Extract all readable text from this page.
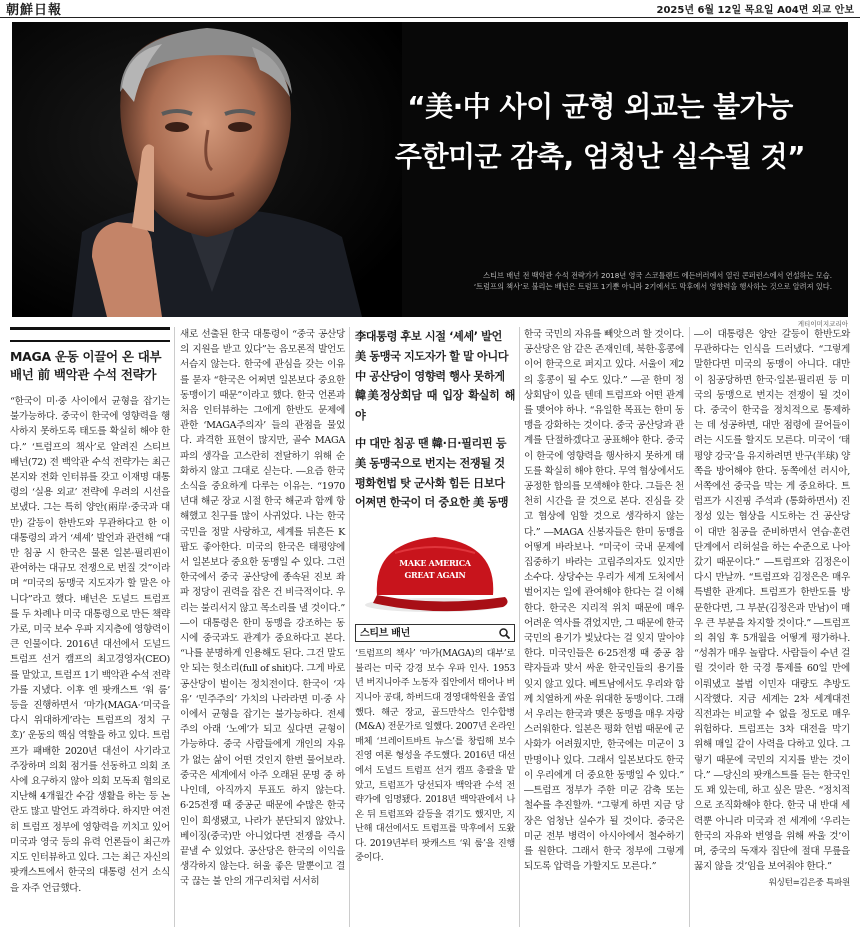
朝鮮日報	2025년 6월 12일 목요일 A04면 외교 안보
“美·中 사이 균형 외교는 불가능
주한미군 감축, 엄청난 실수될 것”
스티브 배넌 전 백악관 수석 전략가가 2018년 영국 스코틀랜드 에든버러에서 열린 콘퍼런스에서 연설하는 모습.
‘트럼프의 책사’로 불리는 배넌은 트럼프 1기뿐 아니라 2기에서도 막후에서 영향력을 행사하는 것으로 알려져 있다.
게티이미지코리아
MAGA 운동 이끌어 온 대부
배넌 前 백악관 수석 전략가

“한국이 미·중 사이에서 균형을 잡기는 불가능하다. 중국이 한국에 영향력을 행사하지 못하도록 태도를 확실히 해야 한다.” ‘트럼프의 책사’로 알려진 스티브 배넌(72) 전 백악관 수석 전략가는 최근 본지와 전화 인터뷰를 갖고 이재명 대통령의 ‘실용 외교’ 전략에 우려의 시선을 보냈다. 그는 특히 양안(兩岸·중국과 대만) 갈등이 한반도와 무관하다고 한 이 대통령의 과거 ‘셰셰’ 발언과 관련해 “대만 침공 시 한국은 물론 일본·필리핀이 관여하는 대규모 전쟁으로 번질 것”이라며 “미국의 동맹국 지도자가 할 말은 아니다”라고 했다. 배넌은 도널드 트럼프를 두 차례나 미국 대통령으로 만든 책략가로, 미국 보수 우파 지지층에 영향력이 큰 인물이다. 2016년 대선에서 도널드 트럼프 선거 캠프의 최고경영자(CEO)를 맡았고, 트럼프 1기 백악관 수석 전략가를 지냈다. 이후 엔 팟캐스트 ‘워 룸’ 등을 진행하면서 ‘마가(MAGA·‘미국을 다시 위대하게’라는 트럼프의 정치 구호)’ 운동의 핵심 역할을 하고 있다. 트럼프가 패배한 2020년 대선이 사기라고 주장하며 의회 점거를 선동하고 의회 조사에 요구하지 않아 의회 모독죄 혐의로 지난해 4개월간 수감 생활을 하는 등 논란도 많고 발언도 과격하다. 하지만 여전히 트럼프 정부에 영향력을 끼치고 있어 미국과 영국 등의 유력 언론들이 최근까지도 인터뷰하고 있다. 그는 최근 자신의 팟캐스트에서 한국의 대통령 선거 소식을 자주 언급했다.

새로 선출된 한국 대통령이 “중국 공산당의 지원을 받고 있다”는 음모론적 발언도 서슴지 않는다. 한국에 관심을 갖는 이유를 묻자 “한국은 어쩌면 일본보다 중요한 동맹이기 때문”이라고 했다. 한국 언론과 처음 인터뷰하는 그에게 한반도 문제에 관한 ‘MAGA주의자’ 들의 관점을 물었다. 과격한 표현이 많지만, 골수 MAGA파의 생각을 고스란히 전달하기 위해 순화하지 않고 그대로 싣는다. ―요즘 한국 소식을 중요하게 다루는 이유는. “1970년대 해군 장교 시절 한국 해군과 함께 항해했고 친구를 많이 사귀었다. 나는 한국 국민을 정말 사랑하고, 세계를 뒤흔든 K팝도 좋아한다. 미국의 한국은 태평양에서 일본보다 중요한 동맹일 수 있다. 그런 한국에서 중국 공산당에 종속된 진보 좌파 정당이 권력을 잡은 건 비극적이다. 우리는 불리서지 않고 목소리를 낼 것이다.” ―이 대통령은 한미 동맹을 강조하는 동시에 중국과도 관계가 중요하다고 본다. “나를 분명하게 인용해도 된다. 그건 말도 안 되는 헛소리(full of shit)다. 그게 바로 공산당이 벌이는 정치전이다. 한국이 ‘자유’ ‘민주주의’ 가치의 나라라면 미·중 사이에서 균형을 잡기는 불가능하다. 전세주의 아래 ‘노예’가 되고 싶다면 균형이 가능하다. 중국 사람들에게 개인의 자유가 없는 삶이 어떤 것인지 한번 물어보라. 중국은 세계에서 아주 오래된 문명 중 하나인데, 아직까지 투표도 하지 않는다. 6·25전쟁 때 중공군 때문에 수많은 한국인이 희생됐고, 나라가 분단되지 않았나. 베이징(중국)만 아니었다면 전쟁을 즉시 끝낼 수 있었다. 공산당은 한국의 이익을 생각하지 않는다. 허울 좋은 말뿐이고 결국 끊는 불 안의 개구리처럼 서서히

李대통령 후보 시절 ‘셰셰’ 발언
美 동맹국 지도자가 할 말 아니다
中 공산당이 영향력 행사 못하게
韓美정상회담 때 입장 확실히 해야
中 대만 침공 땐 韓·日·필리핀 등
美 동맹국으로 번지는 전쟁될 것
평화헌법 탓 군사화 힘든 日보다
어쩌면 한국이 더 중요한 美 동맹
MAKE AMERICA
GREAT AGAIN
스티브 배넌

‘트럼프의 책사’ ‘마가(MAGA)의 대부’로 불리는 미국 강경 보수 우파 인사. 1953년 버지니아주 노동자 집안에서 태어나 버지니아 공대, 하버드대 경영대학원을 졸업했다. 해군 장교, 골드만삭스 인수합병(M&A) 전문가로 일했다. 2007년 온라인 매체 ‘브레이트바트 뉴스’를 창립해 보수 진영 여론 형성을 주도했다. 2016년 대선에서 도널드 트럼프 선거 캠프 총괄을 맡았고, 트럼프가 당선되자 백악관 수석 전략가에 임명됐다. 2018년 백악관에서 나온 뒤 트럼프와 갈등을 겪기도 했지만, 지난해 대선에서도 트럼프를 막후에서 도왔다. 2019년부터 팟캐스트 ‘워 룸’을 진행 중이다.

한국 국민의 자유를 빼앗으려 할 것이다. 공산당은 암 같은 존재인데, 북한·홍콩에 이어 한국으로 퍼지고 있다. 서울이 제2의 홍콩이 될 수도 있다.” ―곧 한미 정상회담이 있을 텐데 트럼프와 어떤 관계를 맺어야 하나. “유일한 목표는 한미 동맹을 강화하는 것이다. 중국 공산당과 관계를 단절하겠다고 공표해야 한다. 중국이 한국에 영향력을 행사하지 못하게 태도를 확실히 해야 한다. 무역 협상에서도 공정한 합의를 모색해야 한다. 그들은 천천히 시간을 끌 것으로 본다. 진심을 갖고 협상에 임할 것으로 생각하지 않는다.” ―MAGA 신봉자들은 한미 동맹을 어떻게 바라보나. “미국이 국내 문제에 집중하기 바라는 고립주의자도 있지만 소수다. 상당수는 우리가 세계 도처에서 벌어지는 일에 관여해야 한다는 걸 이해한다. 한국은 지리적 위치 때문에 매우 어려운 역사를 겪었지만, 그 때문에 한국 국민의 용기가 빛났다는 걸 잊지 말아야 한다. 미국인들은 6·25전쟁 때 중공 참략자들과 맞서 싸운 한국인들의 용기를 잊지 않고 있다. 베트남에서도 우리와 함께 치열하게 싸운 위대한 동맹이다. 그래서 우리는 한국과 맺은 동맹을 매우 자랑스러워한다. 일본은 평화 헌법 때문에 군사화가 어려웠지만, 한국에는 미군이 3만명이나 있다. 그래서 일본보다도 한국이 우리에게 더 중요한 동맹일 수 있다.” ―트럼프 정부가 주한 미군 감축 또는 철수를 추진할까. “그렇게 하면 지금 당장은 엄청난 실수가 될 것이다. 중국은 미군 전부 병력이 아시아에서 철수하기를 원한다. 그래서 한국 정부에 그렇게 되도록 압력을 가할지도 모른다.”

―이 대통령은 양안 갈등이 한반도와 무관하다는 인식을 드러냈다. “그렇게 말한다면 미국의 동맹이 아니다. 대만이 침공당하면 한국·일본·필리핀 등 미국의 동맹으로 번지는 전쟁이 될 것이다. 중국이 한국을 정치적으로 통제하는 데 성공하면, 대만 점령에 끌어들이려는 시도를 할지도 모른다. 미국이 ‘태평양 강국’을 유지하려면 반구(半球) 양쪽을 방어해야 한다. 동쪽에선 러시아, 서쪽에선 중국을 막는 게 중요하다. 트럼프가 시진핑 주석과 (통화하면서) 진정성 있는 협상을 시도하는 건 공산당이 대만 침공을 준비하면서 연습·훈련 단계에서 리허설을 하는 수준으로 나아갔기 때문이다.” ―트럼프와 김정은이 다시 만날까. “트럼프와 김정은은 매우 특별한 관계다. 트럼프가 한반도를 방문한다면, 그 부분(김정은과 만남)이 매우 큰 부분을 차지할 것이다.” ―트럼프의 취임 후 5개월을 어떻게 평가하나. “성취가 매우 놀랍다. 사람들이 수년 걸릴 것이라 한 국경 통제를 60일 만에 이뤄냈고 불법 이민자 대량도 추방도 시작했다. 지금 세계는 2차 세계대전 직전과는 비교할 수 없을 정도로 매우 위험하다. 트럼프는 3차 대전을 막기 위해 매일 같이 사력을 다하고 있다. 그렇기 때문에 국민의 지지를 받는 것이다.” ―당신의 팟캐스트를 듣는 한국인도 꽤 있는데, 하고 싶은 말은. “정치적으로 조직화해야 한다. 한국 내 반대 세력뿐 아니라 미국과 전 세계에 ‘우리는 한국의 자유와 번영을 위해 싸울 것’이며, 중국의 독재자 집단에 절대 무릎을 꿇지 않을 것’임을 보여줘야 한다.”

워싱턴=김은중 특파원
